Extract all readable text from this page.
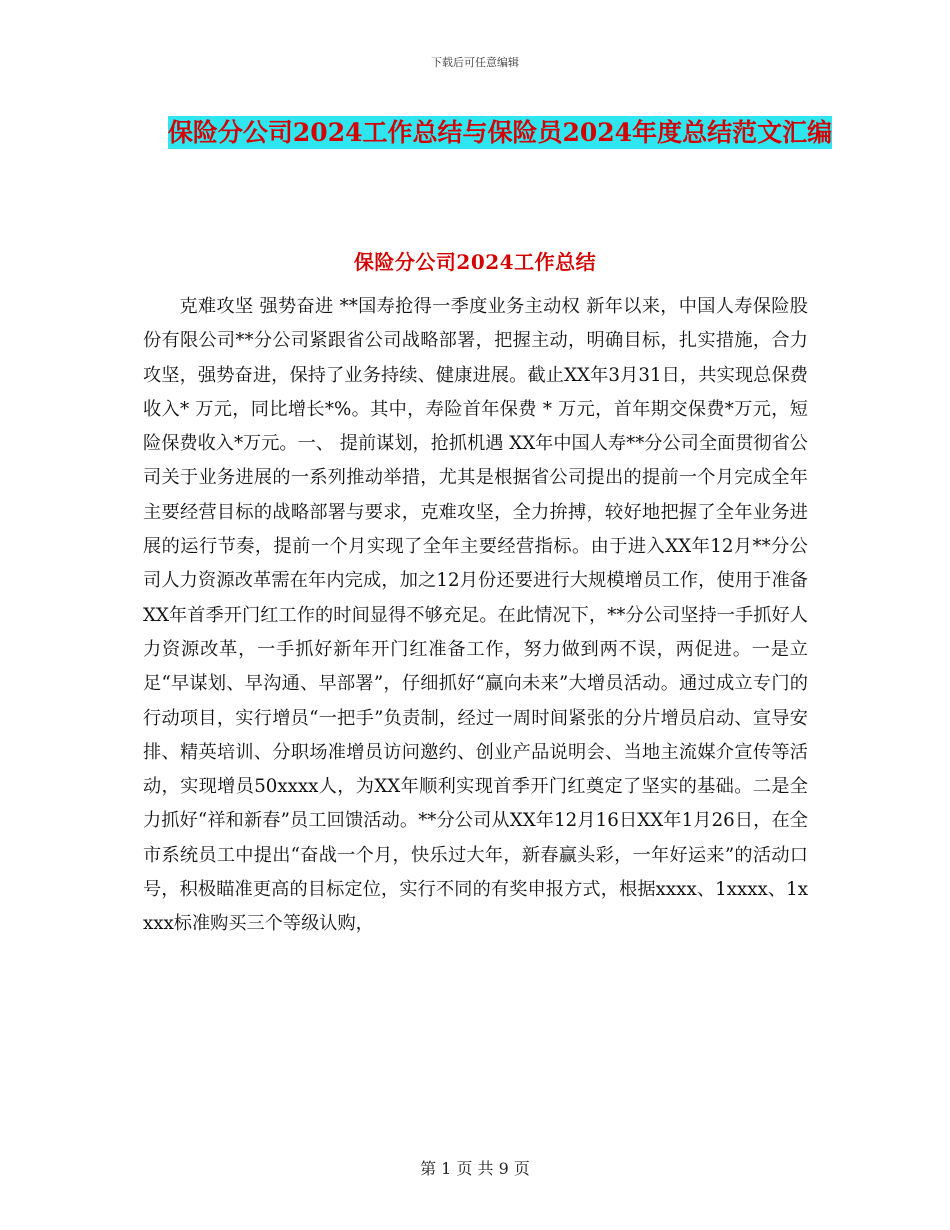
下载后可任意编辑
保险分公司2024工作总结与保险员2024年度总结范文汇编
保险分公司2024工作总结

克难攻坚 强势奋进 **国寿抢得一季度业务主动权 新年以来，中国人寿保险股份有限公司**分公司紧跟省公司战略部署，把握主动，明确目标，扎实措施，合力攻坚，强势奋进，保持了业务持续、健康进展。截止XX年3月31日，共实现总保费收入* 万元，同比增长*%。其中，寿险首年保费 * 万元，首年期交保费*万元，短险保费收入*万元。一、 提前谋划，抢抓机遇 XX年中国人寿**分公司全面贯彻省公司关于业务进展的一系列推动举措，尤其是根据省公司提出的提前一个月完成全年主要经营目标的战略部署与要求，克难攻坚，全力拚搏，较好地把握了全年业务进展的运行节奏，提前一个月实现了全年主要经营指标。由于进入XX年12月**分公司人力资源改革需在年内完成，加之12月份还要进行大规模增员工作，使用于准备XX年首季开门红工作的时间显得不够充足。在此情况下，**分公司坚持一手抓好人力资源改革，一手抓好新年开门红准备工作，努力做到两不误，两促进。一是立足“早谋划、早沟通、早部署”，仔细抓好“赢向未来”大增员活动。通过成立专门的行动项目，实行增员“一把手”负责制，经过一周时间紧张的分片增员启动、宣导安排、精英培训、分职场准增员访问邀约、创业产品说明会、当地主流媒介宣传等活动，实现增员50xxxx人，为XX年顺利实现首季开门红奠定了坚实的基础。二是全力抓好“祥和新春”员工回馈活动。**分公司从XX年12月16日XX年1月26日，在全市系统员工中提出“奋战一个月，快乐过大年，新春赢头彩，一年好运来”的活动口号，积极瞄准更高的目标定位，实行不同的有奖申报方式，根据xxxx、1xxxx、1xxxx标准购买三个等级认购，

第 1 页 共 9 页
